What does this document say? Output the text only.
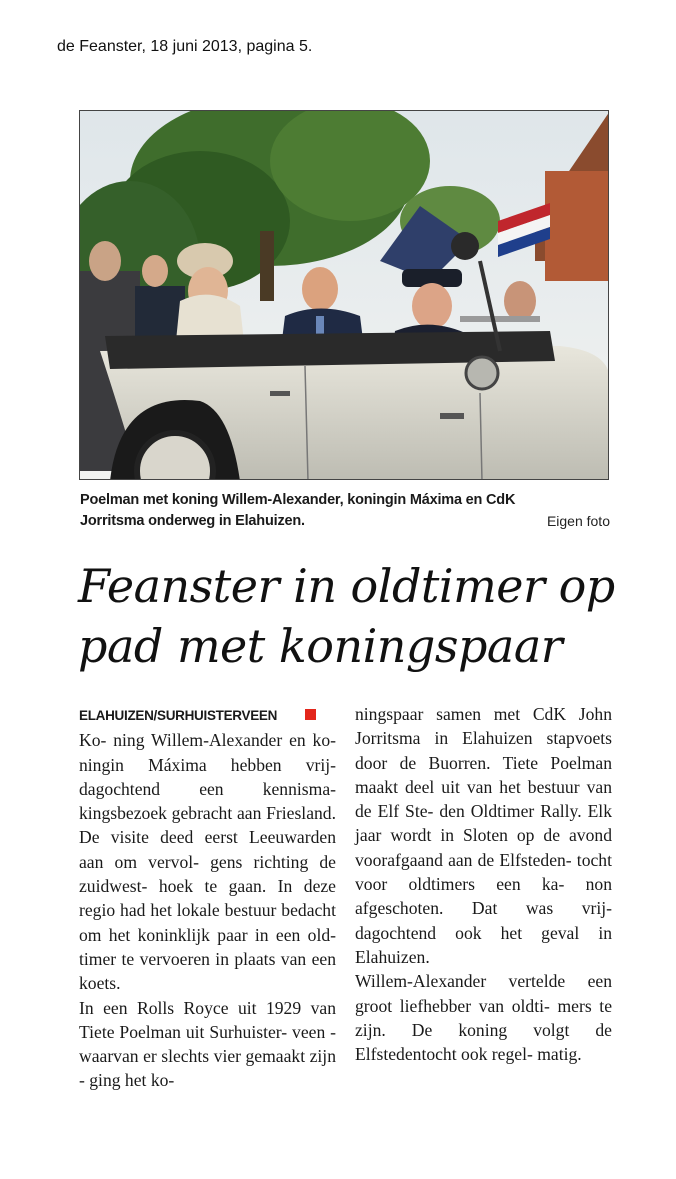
de Feanster, 18 juni 2013, pagina 5.
Poelman met koning Willem-Alexander, koningin Máxima en CdK
Jorritsma onderweg in Elahuizen.	Eigen foto
Feanster in oldtimer op
pad met koningspaar

ELAHUIZEN/SURHUISTERVEENKo- ning Willem-Alexander en ko- ningin Máxima hebben vrij- dagochtend een kennisma- kingsbezoek gebracht aan Friesland. De visite deed eerst Leeuwarden aan om vervol- gens richting de zuidwest- hoek te gaan. In deze regio had het lokale bestuur bedacht om het koninklijk paar in een old- timer te vervoeren in plaats van een koets.

In een Rolls Royce uit 1929 van Tiete Poelman uit Surhuister- veen - waarvan er slechts vier gemaakt zijn - ging het ko-

ningspaar samen met CdK John Jorritsma in Elahuizen stapvoets door de Buorren. Tiete Poelman maakt deel uit van het bestuur van de Elf Ste- den Oldtimer Rally. Elk jaar wordt in Sloten op de avond voorafgaand aan de Elfsteden- tocht voor oldtimers een ka- non afgeschoten. Dat was vrij- dagochtend ook het geval in Elahuizen.

Willem-Alexander vertelde een groot liefhebber van oldti- mers te zijn. De koning volgt de Elfstedentocht ook regel- matig.
